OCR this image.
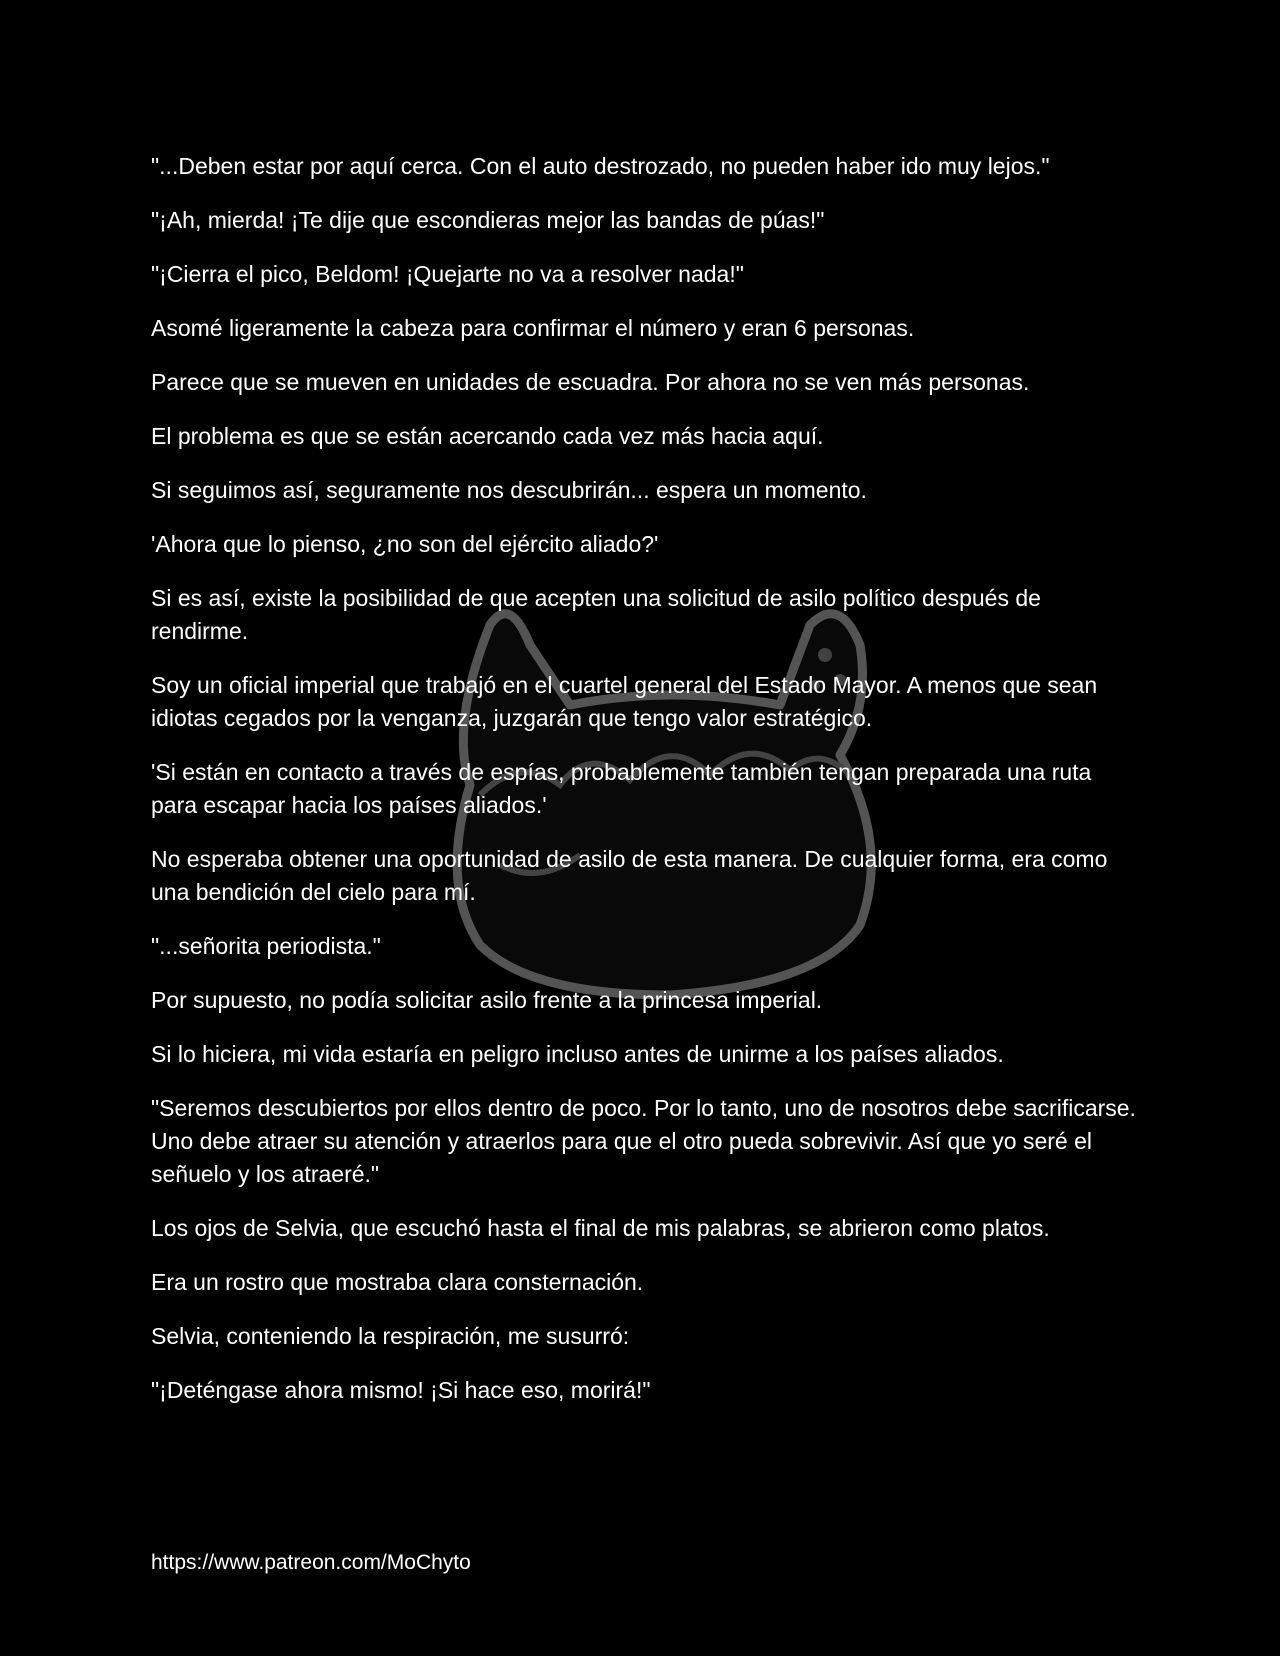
"...Deben estar por aquí cerca. Con el auto destrozado, no pueden haber ido muy lejos."

"¡Ah, mierda! ¡Te dije que escondieras mejor las bandas de púas!"

"¡Cierra el pico, Beldom! ¡Quejarte no va a resolver nada!"

Asomé ligeramente la cabeza para confirmar el número y eran 6 personas.

Parece que se mueven en unidades de escuadra. Por ahora no se ven más personas.

El problema es que se están acercando cada vez más hacia aquí.

Si seguimos así, seguramente nos descubrirán... espera un momento.

'Ahora que lo pienso, ¿no son del ejército aliado?'

Si es así, existe la posibilidad de que acepten una solicitud de asilo político después de rendirme.

Soy un oficial imperial que trabajó en el cuartel general del Estado Mayor. A menos que sean idiotas cegados por la venganza, juzgarán que tengo valor estratégico.

'Si están en contacto a través de espías, probablemente también tengan preparada una ruta para escapar hacia los países aliados.'

No esperaba obtener una oportunidad de asilo de esta manera. De cualquier forma, era como una bendición del cielo para mí.

"...señorita periodista."

Por supuesto, no podía solicitar asilo frente a la princesa imperial.

Si lo hiciera, mi vida estaría en peligro incluso antes de unirme a los países aliados.

"Seremos descubiertos por ellos dentro de poco. Por lo tanto, uno de nosotros debe sacrificarse. Uno debe atraer su atención y atraerlos para que el otro pueda sobrevivir. Así que yo seré el señuelo y los atraeré."

Los ojos de Selvia, que escuchó hasta el final de mis palabras, se abrieron como platos.

Era un rostro que mostraba clara consternación.

Selvia, conteniendo la respiración, me susurró:

"¡Deténgase ahora mismo! ¡Si hace eso, morirá!"

https://www.patreon.com/MoChyto
